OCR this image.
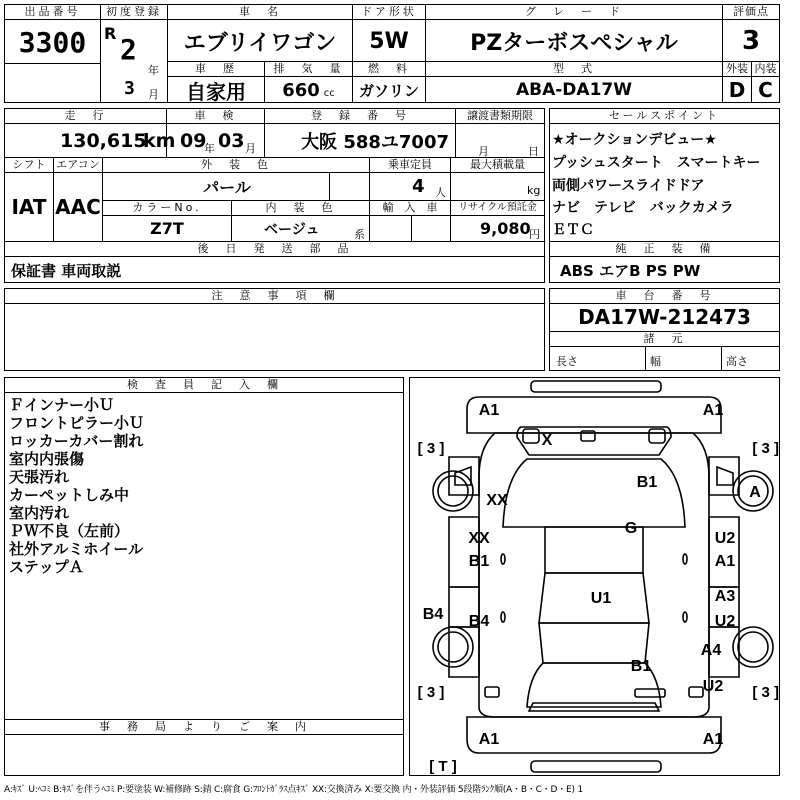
出品番号
3300
初度登録
R 2
年
3 月
車　名
エブリイワゴン
ドア形状
5W
グ　レ　ー　ド
PZターボスペシャル
評価点
3
車　歴
自家用
排　気　量
660 cc
燃　料
ガソリン
型　式
ABA-DA17W
外装 内装
D C
走　行
130,615
km
車　検
09
年 03 月
登　録　番　号
大阪 588ユ7007
譲渡書類期限
月	日
シフト エアコン	外　装　色	乗車定員	最大積載量
IAT AAC
パール	4 人	kg
カラーNo.	内　装　色	輸　入　車	リサイクル預託金
Z7T	ベージュ	系	9,080
円
後　日　発　送　部　品
保証書 車両取説
セールスポイント
★オークションデビュー★
プッシュスタート　スマートキー
両側パワースライドドア
ナビ　テレビ　バックカメラ
ＥＴＣ
純　正　装　備
ABS エアB PS PW
注　意　事　項　欄	車　台　番　号
DA17W-212473
諸　元
長さ	幅	高さ
検　査　員　記　入　欄
Ｆインナー小Ｕ
フロントピラー小Ｕ
ロッカーカバー割れ
室内内張傷
天張汚れ
カーペットしみ中
室内汚れ
ＰＷ不良（左前）
社外アルミホイール
ステップＡ
事　務　局　よ　り　ご　案　内
A1	A1
X
B1
XX	A
XX
G
U2
B1	A1
U1	A3
B4 B4	U2
A4
B1
U2
A1	A1
[ 3 ]	[ 3 ]
[ 3 ]	[ 3 ]
[ T ]
A:ｷｽﾞ U:ﾍｺﾐ B:ｷｽﾞを伴うﾍｺﾐ P:要塗装 W:補修跡 S:錆 C:腐食 G:ﾌﾛﾝﾄｶﾞﾗｽ点ｷｽﾞ XX:交換済み X:要交換 内・外装評価 5段階ﾗﾝｸ順(A・B・C・D・E) 1
